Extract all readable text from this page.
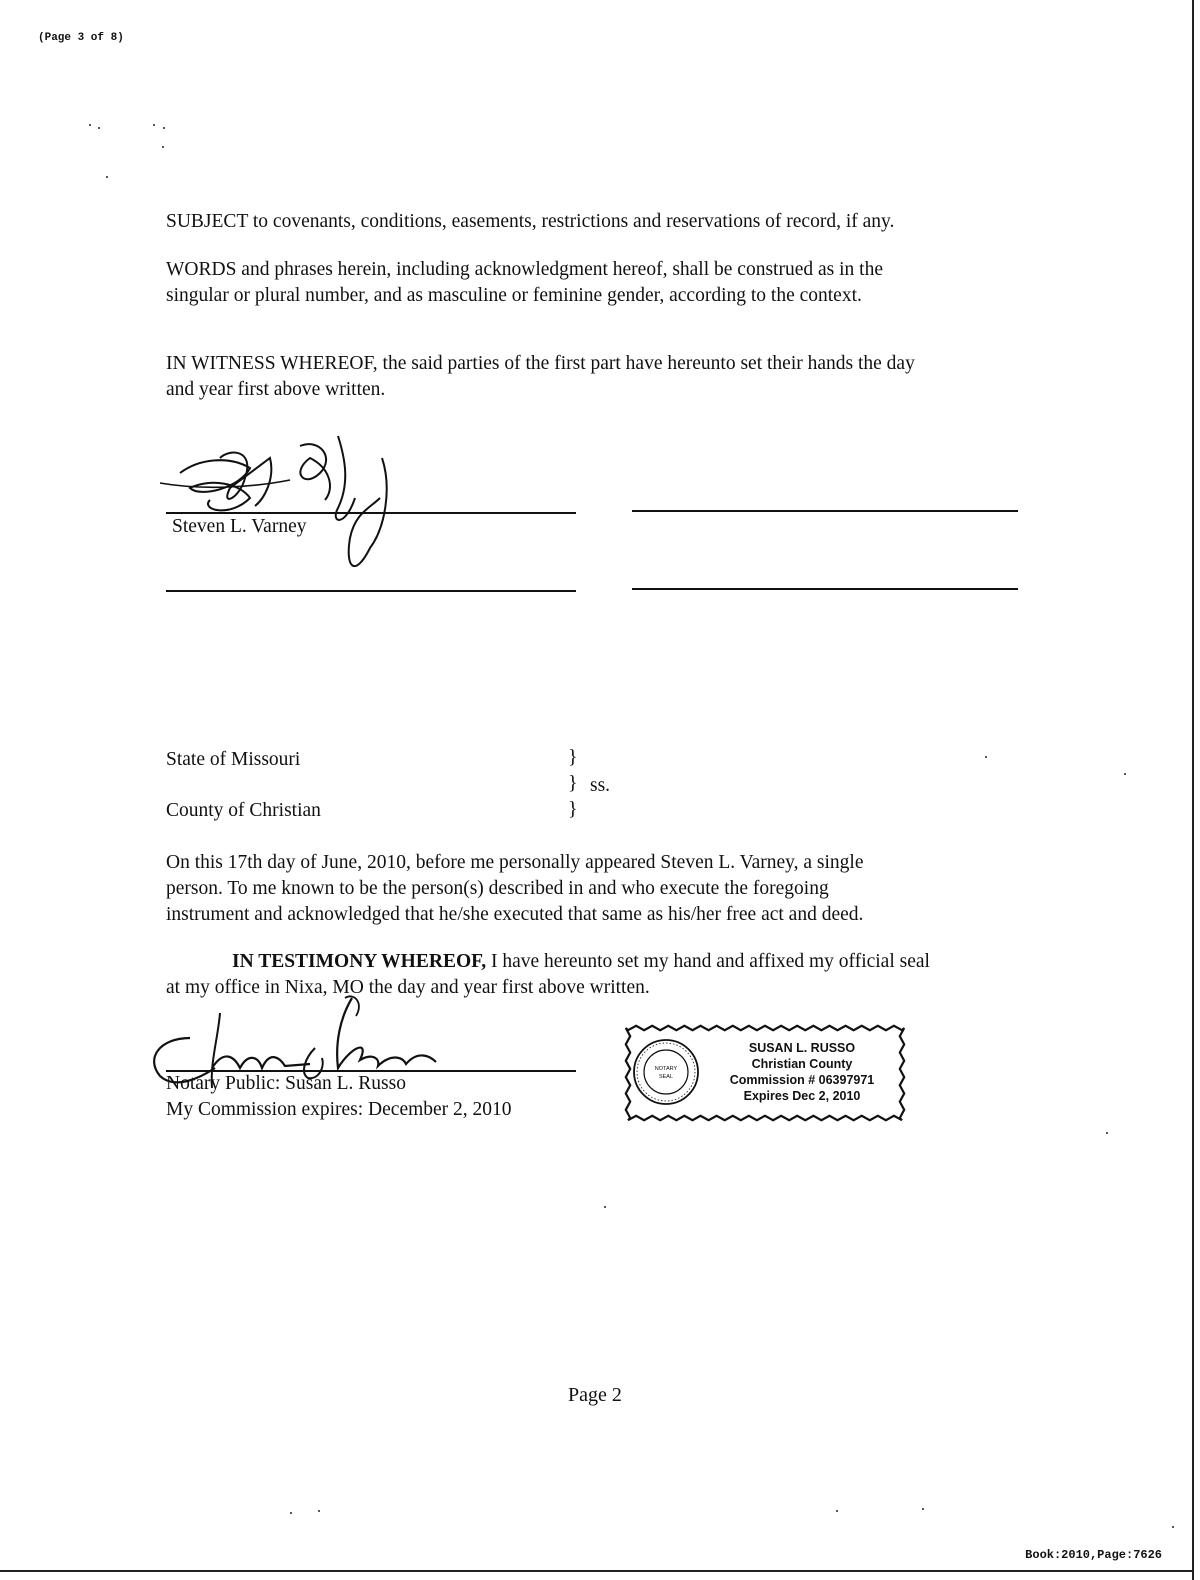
(Page 3 of 8)
SUBJECT to covenants, conditions, easements, restrictions and reservations of record, if any.
WORDS and phrases herein, including acknowledgment hereof, shall be construed as in the
singular or plural number, and as masculine or feminine gender, according to the context.
IN WITNESS WHEREOF, the said parties of the first part have hereunto set their hands the day
and year first above written.
Steven L. Varney
State of Missouri
County of Christian
}
}
}
ss.
On this 17th day of June, 2010, before me personally appeared Steven L. Varney, a single
person. To me known to be the person(s) described in and who execute the foregoing
instrument and acknowledged that he/she executed that same as his/her free act and deed.
IN TESTIMONY WHEREOF, I have hereunto set my hand and affixed my official seal
at my office in Nixa, MO the day and year first above written.
Notary Public: Susan L. Russo
My Commission expires: December 2, 2010
NOTARY
SEAL
SUSAN L. RUSSO
Christian County
Commission # 06397971
Expires Dec 2, 2010
Page 2
Book:2010,Page:7626
